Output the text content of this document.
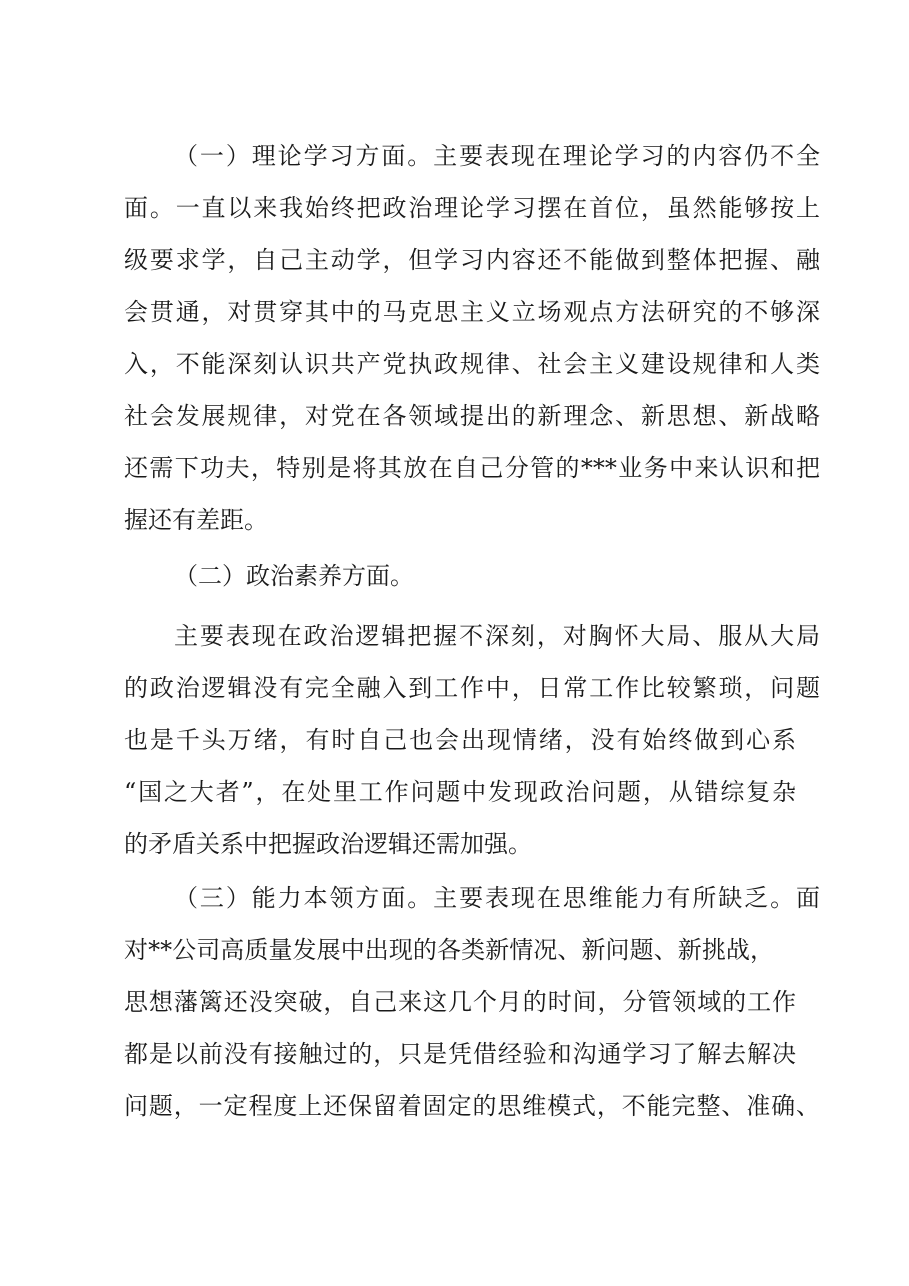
（一）理论学习方面。主要表现在理论学习的内容仍不全
面。一直以来我始终把政治理论学习摆在首位，虽然能够按上
级要求学，自己主动学，但学习内容还不能做到整体把握、融
会贯通，对贯穿其中的马克思主义立场观点方法研究的不够深
入，不能深刻认识共产党执政规律、社会主义建设规律和人类
社会发展规律，对党在各领域提出的新理念、新思想、新战略
还需下功夫，特别是将其放在自己分管的***业务中来认识和把
握还有差距。
（二）政治素养方面。
主要表现在政治逻辑把握不深刻，对胸怀大局、服从大局
的政治逻辑没有完全融入到工作中，日常工作比较繁琐，问题
也是千头万绪，有时自己也会出现情绪，没有始终做到心系
“国之大者”，在处里工作问题中发现政治问题，从错综复杂
的矛盾关系中把握政治逻辑还需加强。
（三）能力本领方面。主要表现在思维能力有所缺乏。面
对**公司高质量发展中出现的各类新情况、新问题、新挑战，
思想藩篱还没突破，自己来这几个月的时间，分管领域的工作
都是以前没有接触过的，只是凭借经验和沟通学习了解去解决
问题，一定程度上还保留着固定的思维模式，不能完整、准确、
